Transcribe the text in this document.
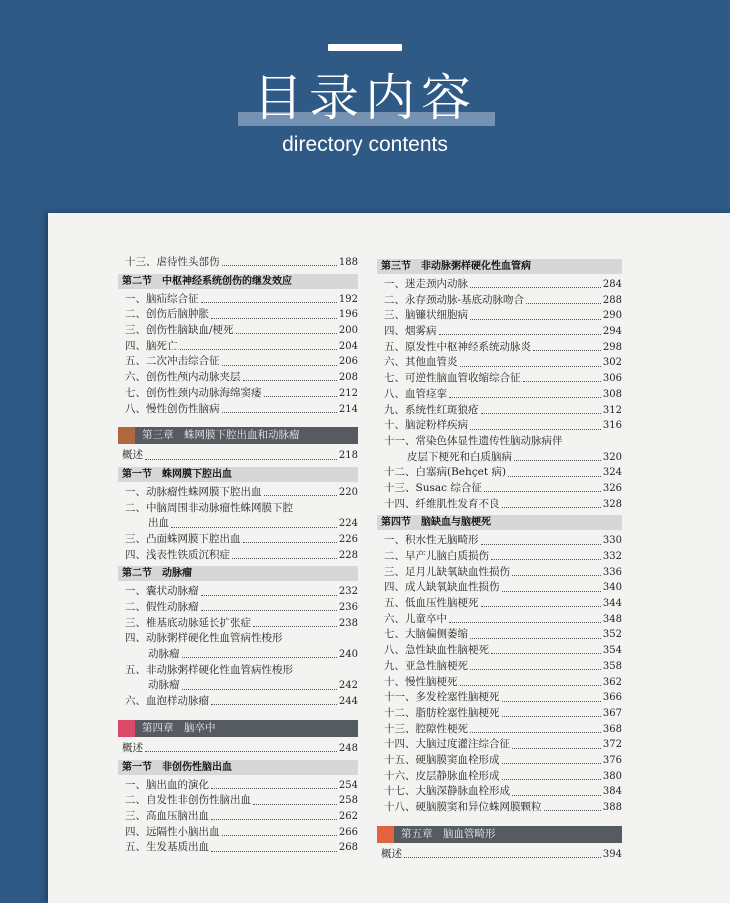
目录内容
directory contents
十三、虐待性头部伤	188
第二节　中枢神经系统创伤的继发效应
一、脑疝综合征	192
二、创伤后脑肿胀	196
三、创伤性脑缺血/梗死	200
四、脑死亡	204
五、二次冲击综合征	206
六、创伤性颅内动脉夹层	208
七、创伤性颈内动脉海绵窦瘘	212
八、慢性创伤性脑病	214
第三章　蛛网膜下腔出血和动脉瘤
概述	218
第一节　蛛网膜下腔出血
一、动脉瘤性蛛网膜下腔出血	220
二、中脑周围非动脉瘤性蛛网膜下腔
出血	224
三、凸面蛛网膜下腔出血	226
四、浅表性铁质沉积症	228
第二节　动脉瘤
一、囊状动脉瘤	232
二、假性动脉瘤	236
三、椎基底动脉延长扩张症	238
四、动脉粥样硬化性血管病性梭形
动脉瘤	240
五、非动脉粥样硬化性血管病性梭形
动脉瘤	242
六、血泡样动脉瘤	244
第四章　脑卒中
概述	248
第一节　非创伤性脑出血
一、脑出血的演化	254
二、自发性非创伤性脑出血	258
三、高血压脑出血	262
四、远隔性小脑出血	266
五、生发基质出血	268
第三节　非动脉粥样硬化性血管病
一、迷走颈内动脉	284
二、永存颈动脉-基底动脉吻合	288
三、脑镰状细胞病	290
四、烟雾病	294
五、原发性中枢神经系统动脉炎	298
六、其他血管炎	302
七、可逆性脑血管收缩综合征	306
八、血管痉挛	308
九、系统性红斑狼疮	312
十、脑淀粉样疾病	316
十一、常染色体显性遗传性脑动脉病伴
皮层下梗死和白质脑病	320
十二、白塞病(Behçet 病)	324
十三、Susac 综合征	326
十四、纤维肌性发育不良	328
第四节　脑缺血与脑梗死
一、积水性无脑畸形	330
二、早产儿脑白质损伤	332
三、足月儿缺氧缺血性损伤	336
四、成人缺氧缺血性损伤	340
五、低血压性脑梗死	344
六、儿童卒中	348
七、大脑偏侧萎缩	352
八、急性缺血性脑梗死	354
九、亚急性脑梗死	358
十、慢性脑梗死	362
十一、多发栓塞性脑梗死	366
十二、脂肪栓塞性脑梗死	367
十三、腔隙性梗死	368
十四、大脑过度灌注综合征	372
十五、硬脑膜窦血栓形成	376
十六、皮层静脉血栓形成	380
十七、大脑深静脉血栓形成	384
十八、硬脑膜窦和异位蛛网膜颗粒	388
第五章　脑血管畸形
概述	394
